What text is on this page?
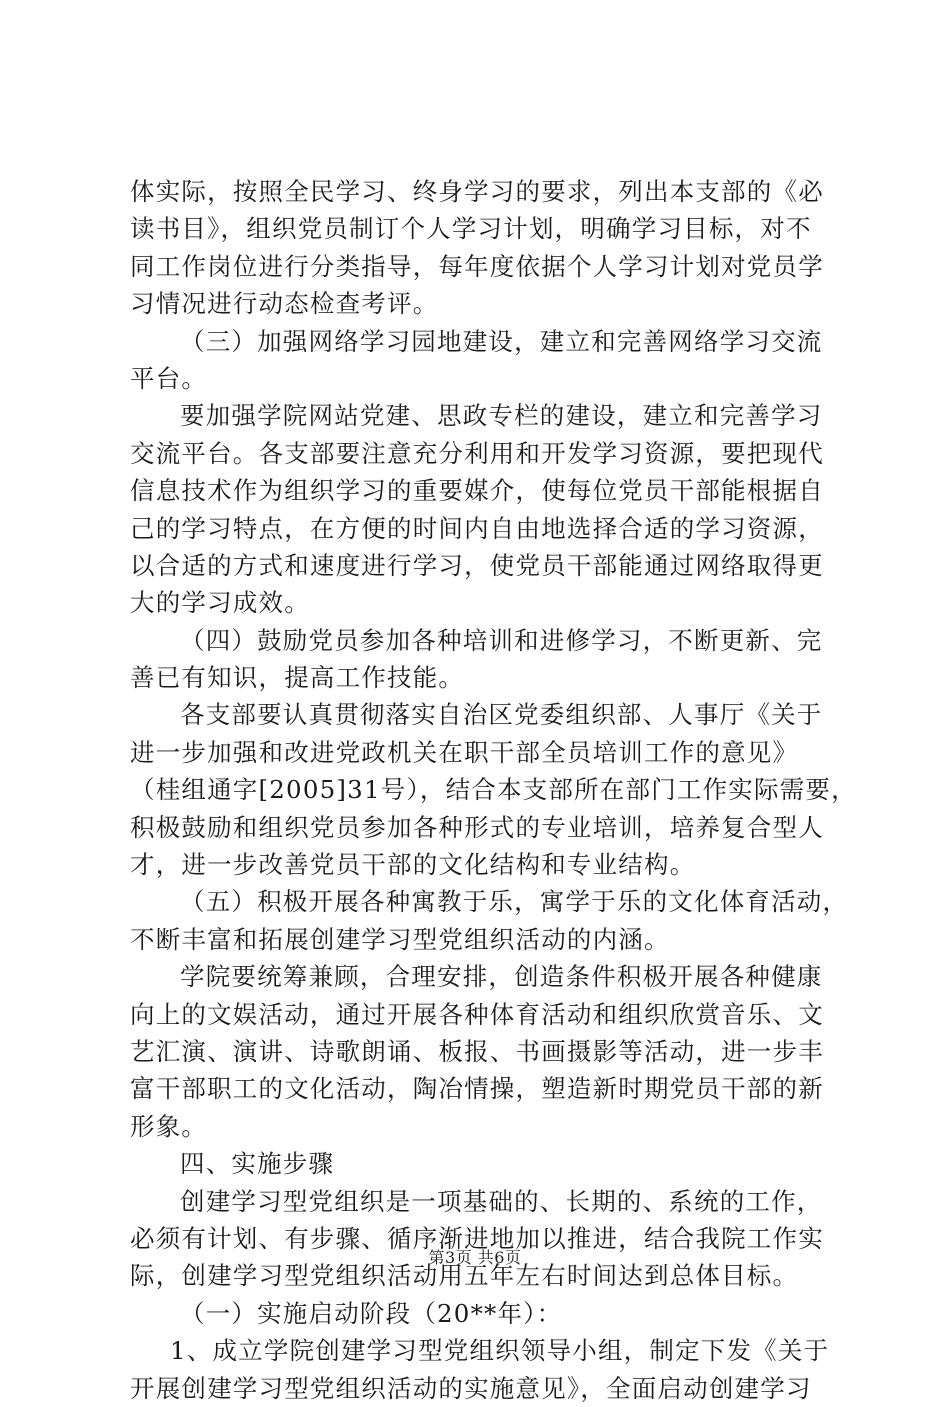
体实际，按照全民学习、终身学习的要求，列出本支部的《必
读书目》，组织党员制订个人学习计划，明确学习目标，对不
同工作岗位进行分类指导，每年度依据个人学习计划对党员学
习情况进行动态检查考评。
（三）加强网络学习园地建设，建立和完善网络学习交流
平台。
要加强学院网站党建、思政专栏的建设，建立和完善学习
交流平台。各支部要注意充分利用和开发学习资源，要把现代
信息技术作为组织学习的重要媒介，使每位党员干部能根据自
己的学习特点，在方便的时间内自由地选择合适的学习资源，
以合适的方式和速度进行学习，使党员干部能通过网络取得更
大的学习成效。
（四）鼓励党员参加各种培训和进修学习，不断更新、完
善已有知识，提高工作技能。
各支部要认真贯彻落实自治区党委组织部、人事厅《关于
进一步加强和改进党政机关在职干部全员培训工作的意见》
（桂组通字[2005]31号），结合本支部所在部门工作实际需要，
积极鼓励和组织党员参加各种形式的专业培训，培养复合型人
才，进一步改善党员干部的文化结构和专业结构。
（五）积极开展各种寓教于乐，寓学于乐的文化体育活动，
不断丰富和拓展创建学习型党组织活动的内涵。
学院要统筹兼顾，合理安排，创造条件积极开展各种健康
向上的文娱活动，通过开展各种体育活动和组织欣赏音乐、文
艺汇演、演讲、诗歌朗诵、板报、书画摄影等活动，进一步丰
富干部职工的文化活动，陶冶情操，塑造新时期党员干部的新
形象。
四、实施步骤
创建学习型党组织是一项基础的、长期的、系统的工作，
必须有计划、有步骤、循序渐进地加以推进，结合我院工作实
际，创建学习型党组织活动用五年左右时间达到总体目标。
（一）实施启动阶段（20**年）：
1、成立学院创建学习型党组织领导小组，制定下发《关于
开展创建学习型党组织活动的实施意见》，全面启动创建学习
第3页 共6页
